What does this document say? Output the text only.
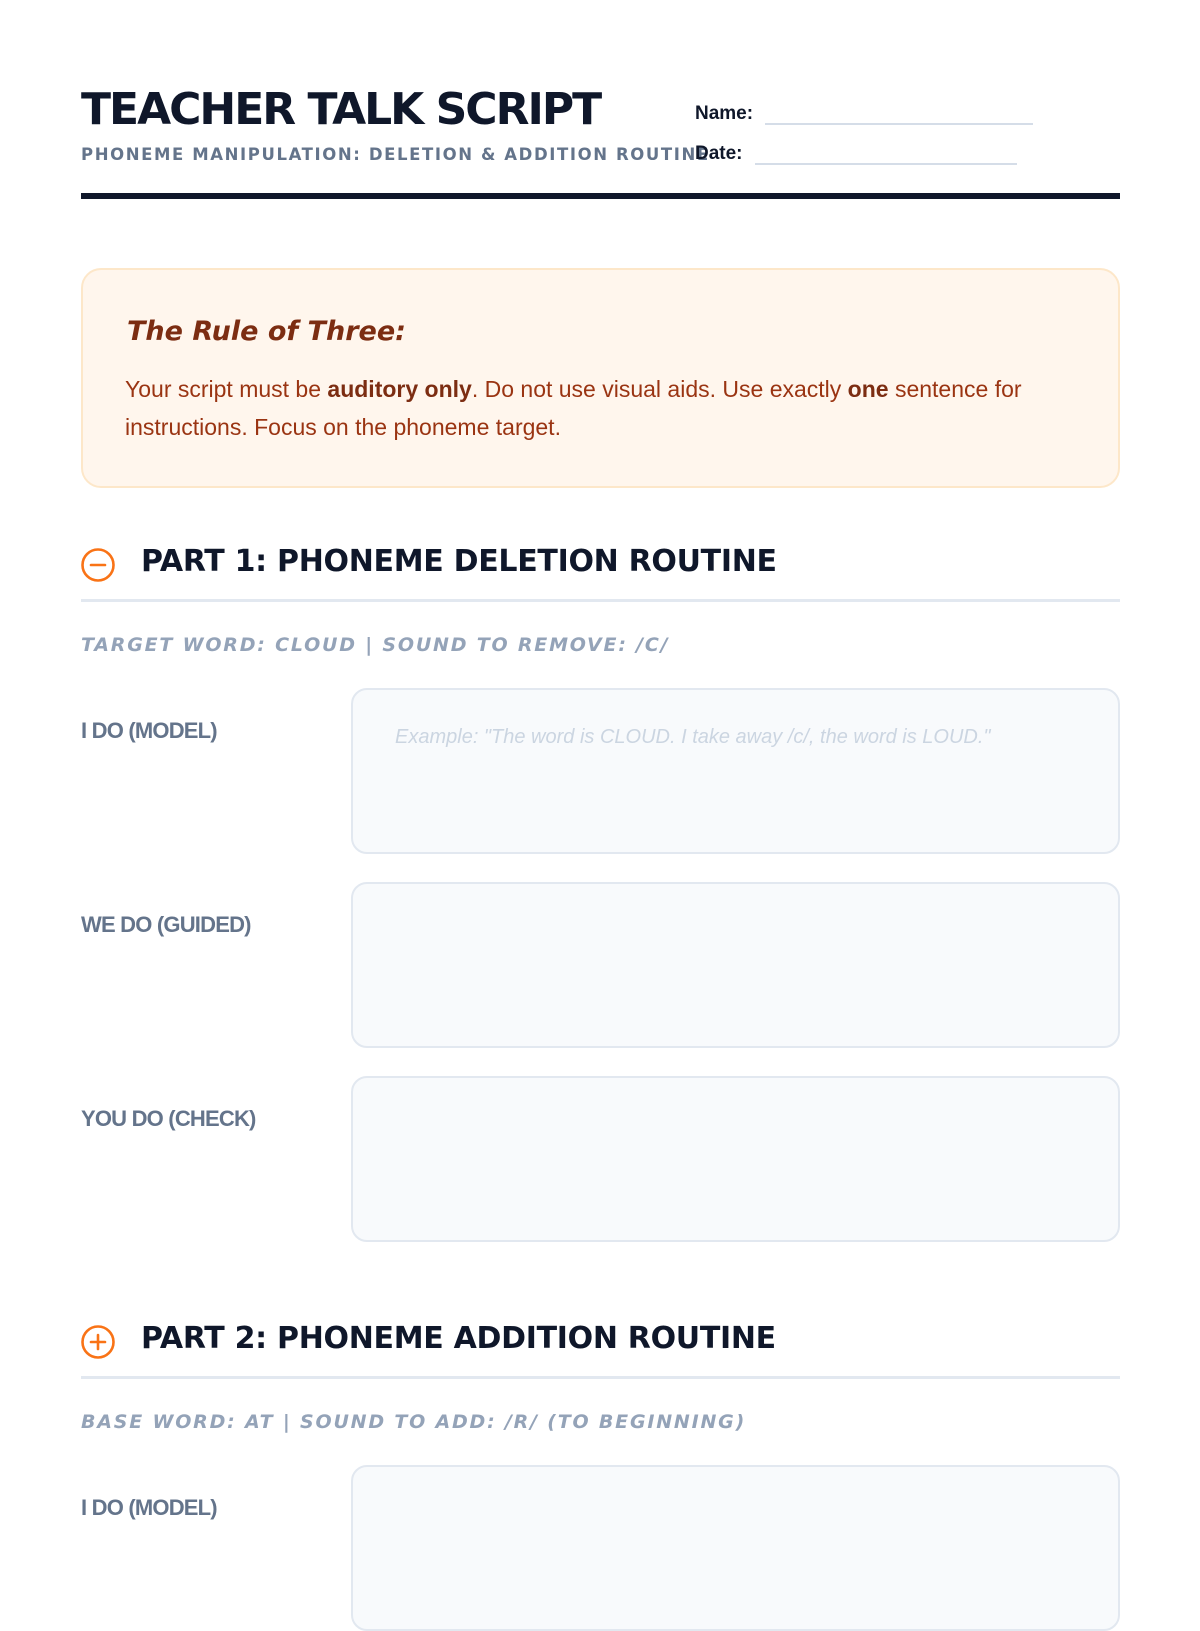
TEACHER TALK SCRIPT
PHONEME MANIPULATION: DELETION & ADDITION ROUTINE
Name:
Date:
The Rule of Three:
Your script must be auditory only. Do not use visual aids. Use exactly one sentence for instructions. Focus on the phoneme target.
PART 1: PHONEME DELETION ROUTINE
TARGET WORD: CLOUD | SOUND TO REMOVE: /C/
I DO (MODEL)
Example: "The word is CLOUD. I take away /c/, the word is LOUD."
WE DO (GUIDED)
YOU DO (CHECK)
PART 2: PHONEME ADDITION ROUTINE
BASE WORD: AT | SOUND TO ADD: /R/ (TO BEGINNING)
I DO (MODEL)
